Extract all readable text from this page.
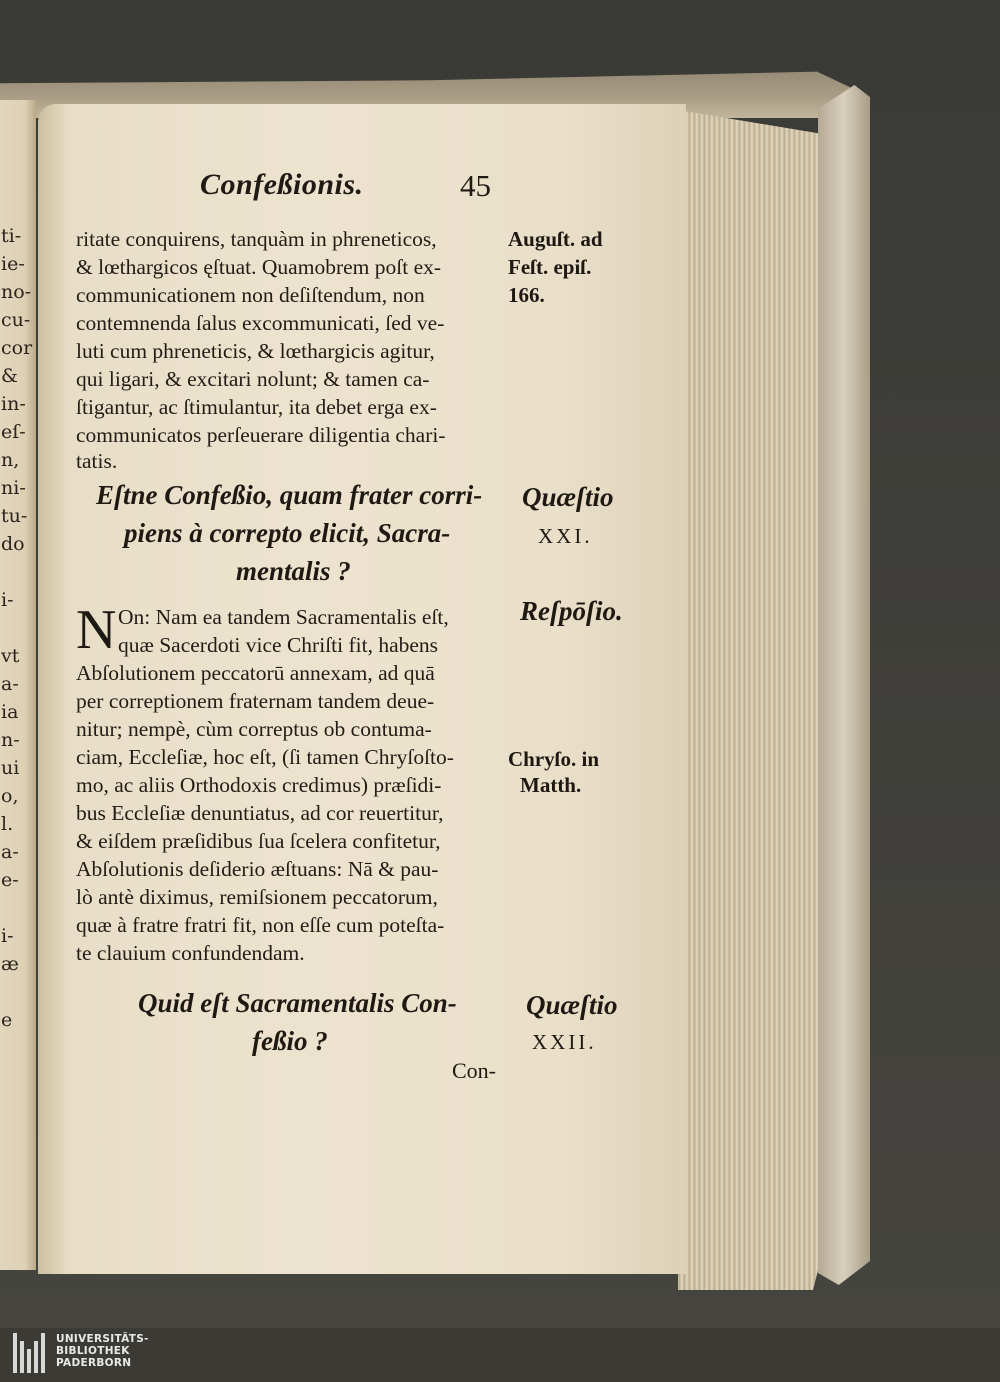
ti-
ie-
no-
cu-
cor
&
in-
eſ-
n,
ni-
tu-
do
i-
vt
a-
ia
n-
ui
o,
l.
a-
e-
i-
æ
e
Confeßionis.	45
ritate conquirens, tanquàm in phreneticos,
& lœthargicos ęſtuat. Quamobrem poſt ex-
communicationem non deſiſtendum, non
contemnenda ſalus excommunicati, ſed ve-
luti cum phreneticis, & lœthargicis agitur,
qui ligari, & excitari nolunt; & tamen ca-
ſtigantur, ac ſtimulantur, ita debet erga ex-
communicatos perſeuerare diligentia chari-
tatis.
Auguſt. ad
Feſt. epiſ.
166.
Eſtne Confeßio, quam frater corri-
piens à correpto elicit, Sacra-
mentalis ?
Quæſtio
XXI.
N	Reſpōſio.
On: Nam ea tandem Sacramentalis eſt,
quæ Sacerdoti vice Chriſti fit, habens
Abſolutionem peccatorū annexam, ad quā
per correptionem fraternam tandem deue-
nitur; nempè, cùm correptus ob contuma-
ciam, Eccleſiæ, hoc eſt, (ſi tamen Chryſoſto-
mo, ac aliis Orthodoxis credimus) præſidi-
bus Eccleſiæ denuntiatus, ad cor reuertitur,
& eiſdem præſidibus ſua ſcelera confitetur,
Abſolutionis deſiderio æſtuans: Nā & pau-
lò antè diximus, remiſsionem peccatorum,
quæ à fratre fratri fit, non eſſe cum poteſta-
te clauium confundendam.
Chryſo. in
Matth.
Quid eſt Sacramentalis Con-
feßio ?
Quæſtio
XXII.
Con-
UNIVERSITÄTS-
BIBLIOTHEK
PADERBORN
